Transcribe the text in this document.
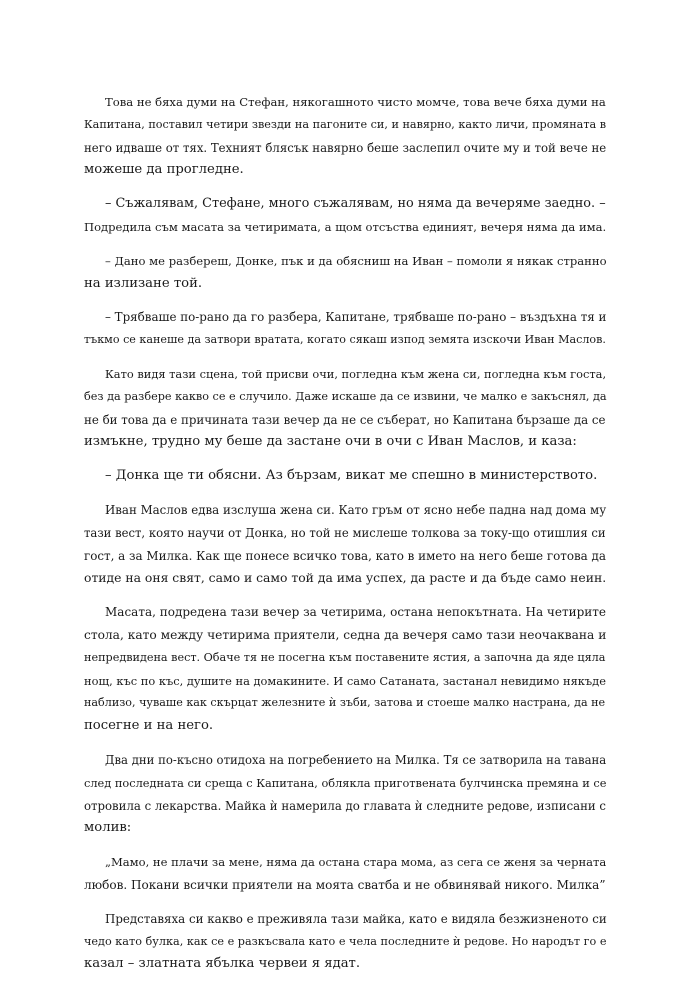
Това не бяха думи на Стефан, някогашното чисто момче, това вече бяха думи на
Капитана, поставил четири звезди на пагоните си, и навярно, както личи, промяната в
него идваше от тях. Техният блясък навярно беше заслепил очите му и той вече не
можеше да прогледне.

– Съжалявам, Стефане, много съжалявам, но няма да вечеряме заедно. –
Подредила съм масата за четиримата, а щом отсъства единият, вечеря няма да има.

– Дано ме разбереш, Донке, пък и да обясниш на Иван – помоли я някак странно
на излизане той.

– Трябваше по-рано да го разбера, Капитане, трябваше по-рано – въздъхна тя и
тъкмо се канеше да затвори вратата, когато сякаш изпод земята изскочи Иван Маслов.

Като видя тази сцена, той присви очи, погледна към жена си, погледна към госта,
без да разбере какво се е случило. Даже искаше да се извини, че малко е закъснял, да
не би това да е причината тази вечер да не се съберат, но Капитана бързаше да се
измъкне, трудно му беше да застане очи в очи с Иван Маслов, и каза:

– Донка ще ти обясни. Аз бързам, викат ме спешно в министерството.

Иван Маслов едва изслуша жена си. Като гръм от ясно небе падна над дома му
тази вест, която научи от Донка, но той не мислеше толкова за току-що отишлия си
гост, а за Милка. Как ще понесе всичко това, като в името на него беше готова да
отиде на оня свят, само и само той да има успех, да расте и да бъде само неин.

Масата, подредена тази вечер за четирима, остана непокътната. На четирите
стола, като между четирима приятели, седна да вечеря само тази неочаквана и
непредвидена вест. Обаче тя не посегна към поставените ястия, а започна да яде цяла
нощ, къс по къс, душите на домакините. И само Сатаната, застанал невидимо някъде
наблизо, чуваше как скърцат железните ѝ зъби, затова и стоеше малко настрана, да не
посегне и на него.

Два дни по-късно отидоха на погребението на Милка. Тя се затворила на тавана
след последната си среща с Капитана, облякла приготвената булчинска премяна и се
отровила с лекарства. Майка ѝ намерила до главата ѝ следните редове, изписани с
молив:

„Мамо, не плачи за мене, няма да остана стара мома, аз сега се женя за черната
любов. Покани всички приятели на моята сватба и не обвинявай никого. Милка”

Представяха си какво е преживяла тази майка, като е видяла безжизненото си
чедо като булка, как се е разкъсвала като е чела последните ѝ редове. Но народът го е
казал – златната ябълка червеи я ядат.
